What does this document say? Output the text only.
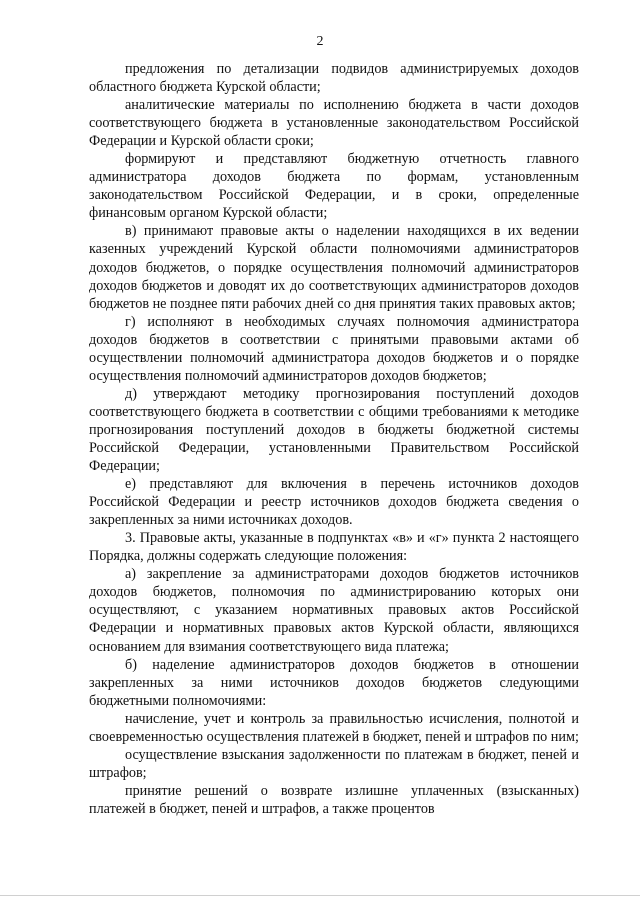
2

предложения по детализации подвидов администрируемых доходов областного бюджета Курской области;

аналитические материалы по исполнению бюджета в части доходов соответствующего бюджета в установленные законодательством Российской Федерации и Курской области сроки;

формируют и представляют бюджетную отчетность главного администратора доходов бюджета по формам, установленным законодательством Российской Федерации, и в сроки, определенные финансовым органом Курской области;

в) принимают правовые акты о наделении находящихся в их ведении казенных учреждений Курской области полномочиями администраторов доходов бюджетов, о порядке осуществления полномочий администраторов доходов бюджетов и доводят их до соответствующих администраторов доходов бюджетов не позднее пяти рабочих дней со дня принятия таких правовых актов;

г) исполняют в необходимых случаях полномочия администратора доходов бюджетов в соответствии с принятыми правовыми актами об осуществлении полномочий администратора доходов бюджетов и о порядке осуществления полномочий администраторов доходов бюджетов;

д) утверждают методику прогнозирования поступлений доходов соответствующего бюджета в соответствии с общими требованиями к методике прогнозирования поступлений доходов в бюджеты бюджетной системы Российской Федерации, установленными Правительством Российской Федерации;

е) представляют для включения в перечень источников доходов Российской Федерации и реестр источников доходов бюджета сведения о закрепленных за ними источниках доходов.

3. Правовые акты, указанные в подпунктах «в» и «г» пункта 2 настоящего Порядка, должны содержать следующие положения:

а) закрепление за администраторами доходов бюджетов источников доходов бюджетов, полномочия по администрированию которых они осуществляют, с указанием нормативных правовых актов Российской Федерации и нормативных правовых актов Курской области, являющихся основанием для взимания соответствующего вида платежа;

б) наделение администраторов доходов бюджетов в отношении закрепленных за ними источников доходов бюджетов следующими бюджетными полномочиями:

начисление, учет и контроль за правильностью исчисления, полнотой и своевременностью осуществления платежей в бюджет, пеней и штрафов по ним;

осуществление взыскания задолженности по платежам в бюджет, пеней и штрафов;

принятие решений о возврате излишне уплаченных (взысканных) платежей в бюджет, пеней и штрафов, а также процентов
